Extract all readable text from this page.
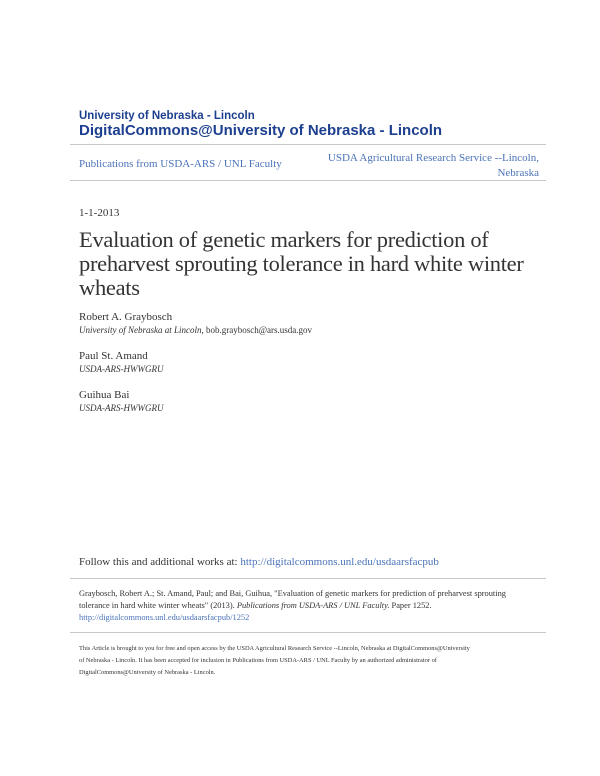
University of Nebraska - Lincoln
DigitalCommons@University of Nebraska - Lincoln
Publications from USDA-ARS / UNL Faculty	USDA Agricultural Research Service --Lincoln,
Nebraska
1-1-2013
Evaluation of genetic markers for prediction of preharvest sprouting tolerance in hard white winter wheats
Robert A. Graybosch
University of Nebraska at Lincoln, bob.graybosch@ars.usda.gov
Paul St. Amand
USDA-ARS-HWWGRU
Guihua Bai
USDA-ARS-HWWGRU
Follow this and additional works at: http://digitalcommons.unl.edu/usdaarsfacpub
Graybosch, Robert A.; St. Amand, Paul; and Bai, Guihua, "Evaluation of genetic markers for prediction of preharvest sprouting
tolerance in hard white winter wheats" (2013). Publications from USDA-ARS / UNL Faculty. Paper 1252.
http://digitalcommons.unl.edu/usdaarsfacpub/1252
This Article is brought to you for free and open access by the USDA Agricultural Research Service --Lincoln, Nebraska at DigitalCommons@University
of Nebraska - Lincoln. It has been accepted for inclusion in Publications from USDA-ARS / UNL Faculty by an authorized administrator of
DigitalCommons@University of Nebraska - Lincoln.
